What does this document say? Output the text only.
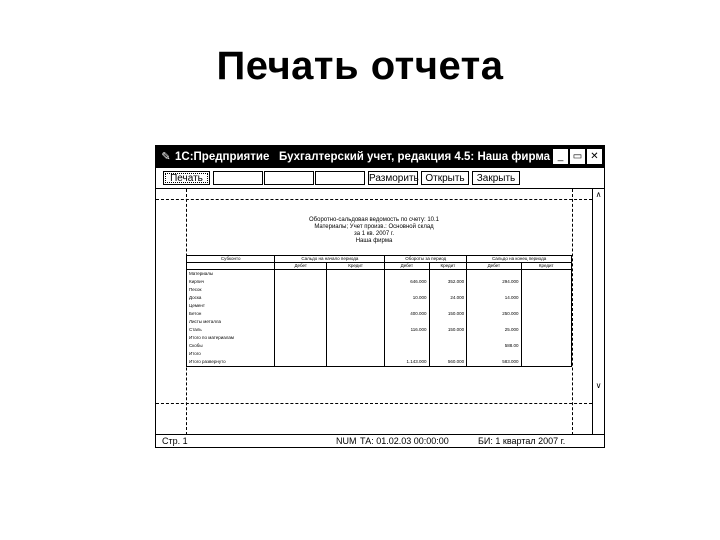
Печать отчета
✎ 1С:Предприятие Бухгалтерский учет, редакция 4.5: Наша фирма _ ▭ ✕
Печать	Разморить Открыть	Закрыть
Оборотно-сальдовая ведомость по счету: 10.1
Материалы; Учет произв.: Основной склад
за 1 кв. 2007 г.
Наша фирма
Субконто	Сальдо на начало периода		Обороты за период		Сальдо на конец периода	
	Дебет	Кредит	Дебет	Кредит	Дебет	Кредит
Материалы						
Кирпич			646.000	352.000	294.000	
Песок						
Доска			10.000	24.000	14.000	
Цемент						
Бетон			400.000	150.000	250.000	
Листы металла						
Сталь			116.000	150.000	25.000	
Итого по материалам						
Скобы					588.00	
Итого						
Итого развернуто			1.143.000	560.000	583.000	
∧
∨
Стр. 1	NUM ТА: 01.02.03 00:00:00	БИ: 1 квартал 2007 г.
